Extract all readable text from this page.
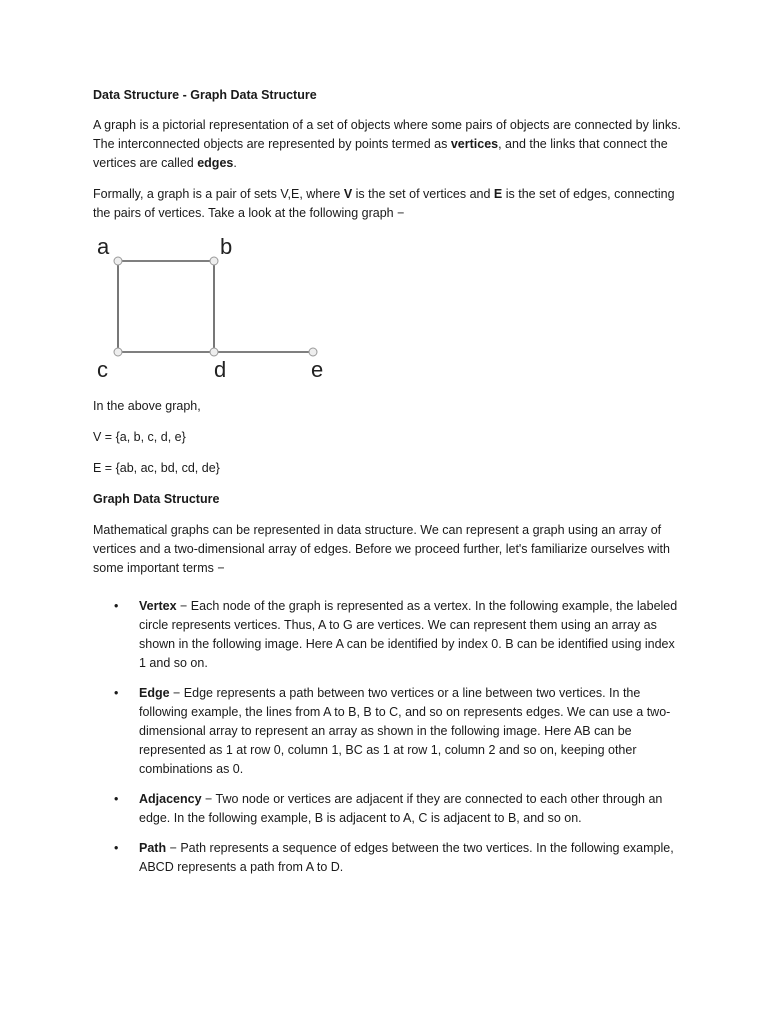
Data Structure - Graph Data Structure

A graph is a pictorial representation of a set of objects where some pairs of objects are connected by links. The interconnected objects are represented by points termed as vertices, and the links that connect the vertices are called edges.

Formally, a graph is a pair of sets V,E, where V is the set of vertices and E is the set of edges, connecting the pairs of vertices. Take a look at the following graph −

a	b
c	d	e

In the above graph,

V = {a, b, c, d, e}

E = {ab, ac, bd, cd, de}

Graph Data Structure

Mathematical graphs can be represented in data structure. We can represent a graph using an array of vertices and a two-dimensional array of edges. Before we proceed further, let's familiarize ourselves with some important terms −

• Vertex − Each node of the graph is represented as a vertex. In the following example, the labeled circle represents vertices. Thus, A to G are vertices. We can represent them using an array as shown in the following image. Here A can be identified by index 0. B can be identified using index 1 and so on.
• Edge − Edge represents a path between two vertices or a line between two vertices. In the following example, the lines from A to B, B to C, and so on represents edges. We can use a two-dimensional array to represent an array as shown in the following image. Here AB can be represented as 1 at row 0, column 1, BC as 1 at row 1, column 2 and so on, keeping other combinations as 0.
• Adjacency − Two node or vertices are adjacent if they are connected to each other through an edge. In the following example, B is adjacent to A, C is adjacent to B, and so on.
• Path − Path represents a sequence of edges between the two vertices. In the following example, ABCD represents a path from A to D.
